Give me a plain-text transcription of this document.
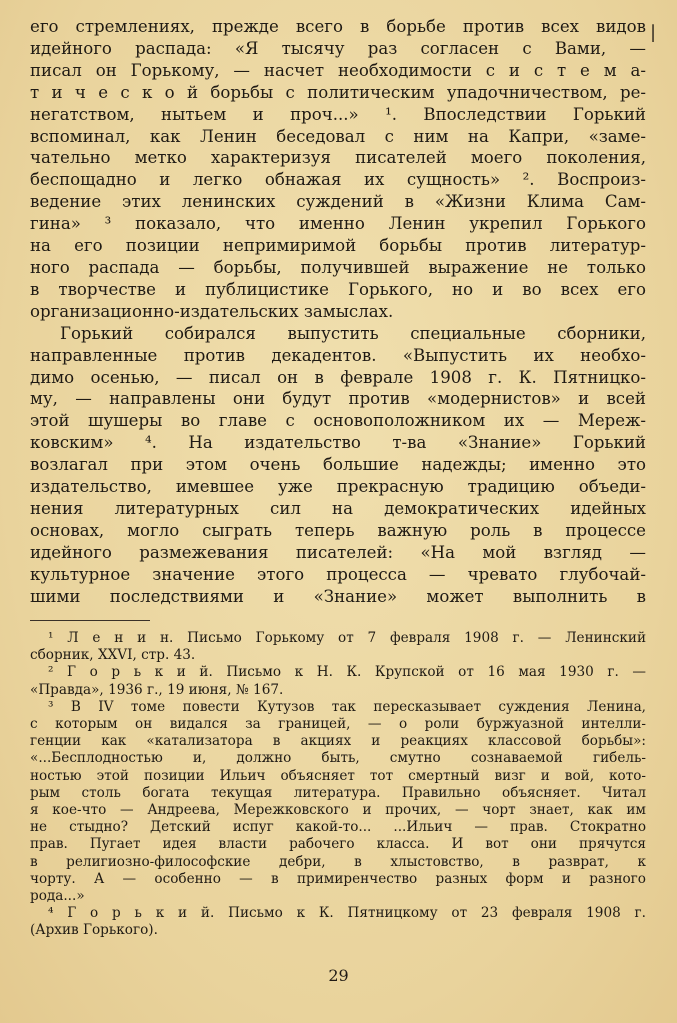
|

его стремлениях, прежде всего в борьбе против всех видов
идейного распада: «Я тысячу раз согласен с Вами, —
писал он Горькому, — насчет необходимости с и с т е м а-
т и ч е с к о й борьбы с политическим упадочничеством, ре-
негатством, нытьем и проч...» ¹. Впоследствии Горький
вспоминал, как Ленин беседовал с ним на Капри, «заме-
чательно метко характеризуя писателей моего поколения,
беспощадно и легко обнажая их сущность» ². Воспроиз-
ведение этих ленинских суждений в «Жизни Клима Сам-
гина» ³ показало, что именно Ленин укрепил Горького
на его позиции непримиримой борьбы против литератур-
ного распада — борьбы, получившей выражение не только
в творчестве и публицистике Горького, но и во всех его
организационно-издательских замыслах.

Горький собирался выпустить специальные сборники,
направленные против декадентов. «Выпустить их необхо-
димо осенью, — писал он в феврале 1908 г. К. Пятницко-
му, — направлены они будут против «модернистов» и всей
этой шушеры во главе с основоположником их — Мереж-
ковским» ⁴. На издательство т-ва «Знание» Горький
возлагал при этом очень большие надежды; именно это
издательство, имевшее уже прекрасную традицию объеди-
нения литературных сил на демократических идейных
основах, могло сыграть теперь важную роль в процессе
идейного размежевания писателей: «На мой взгляд —
культурное значение этого процесса — чревато глубочай-
шими последствиями и «Знание» может выполнить в

¹ Л е н и н. Письмо Горькому от 7 февраля 1908 г. — Ленинский
сборник, XXVI, стр. 43.

² Г о р ь к и й. Письмо к Н. К. Крупской от 16 мая 1930 г. —
«Правда», 1936 г., 19 июня, № 167.

³ В IV томе повести Кутузов так пересказывает суждения Ленина,
с которым он видался за границей, — о роли буржуазной интелли-
генции как «катализатора в акциях и реакциях классовой борьбы»:
«...Бесплодностью и, должно быть, смутно сознаваемой гибель-
ностью этой позиции Ильич объясняет тот смертный визг и вой, кото-
рым столь богата текущая литература. Правильно объясняет. Читал
я кое-что — Андреева, Мережковского и прочих, — чорт знает, как им
не стыдно? Детский испуг какой-то... ...Ильич — прав. Стократно
прав. Пугает идея власти рабочего класса. И вот они прячутся
в религиозно-философские дебри, в хлыстовство, в разврат, к
чорту. А — особенно — в примиренчество разных форм и разного
рода...»

⁴ Г о р ь к и й. Письмо к К. Пятницкому от 23 февраля 1908 г.
(Архив Горького).

29
